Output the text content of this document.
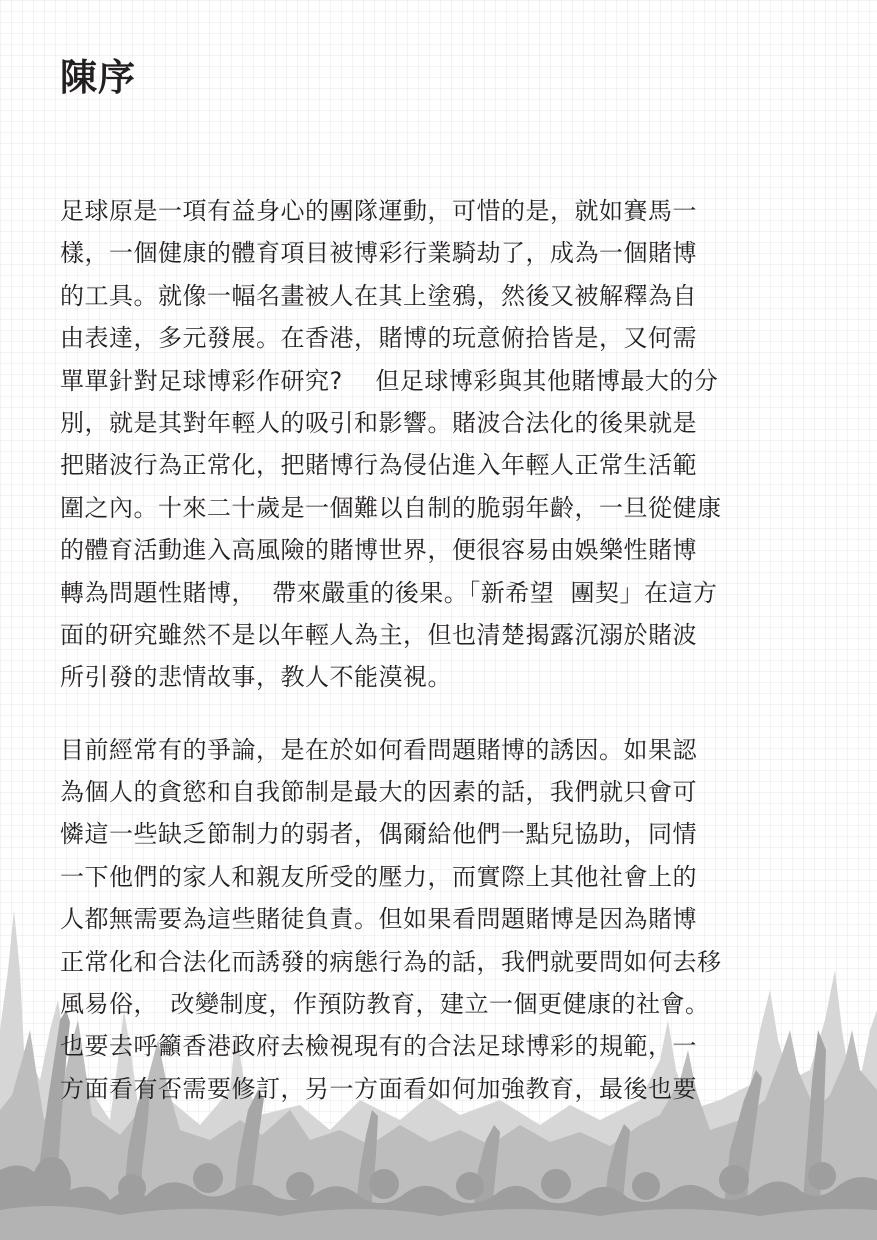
陳序

足球原是一項有益身心的團隊運動，可惜的是，就如賽馬一
樣，一個健康的體育項目被博彩行業騎劫了，成為一個賭博
的工具。就像一幅名畫被人在其上塗鴉，然後又被解釋為自
由表達，多元發展。在香港，賭博的玩意俯拾皆是，又何需
單單針對足球博彩作研究?　 但足球博彩與其他賭博最大的分
別，就是其對年輕人的吸引和影響。賭波合法化的後果就是
把賭波行為正常化，把賭博行為侵佔進入年輕人正常生活範
圍之內。十來二十歲是一個難以自制的脆弱年齡，一旦從健康
的體育活動進入高風險的賭博世界，便很容易由娛樂性賭博
轉為問題性賭博，  帶來嚴重的後果。「新希望  團契」在這方
面的研究雖然不是以年輕人為主，但也清楚揭露沉溺於賭波
所引發的悲情故事，教人不能漠視。

目前經常有的爭論，是在於如何看問題賭博的誘因。如果認
為個人的貪慾和自我節制是最大的因素的話，我們就只會可
憐這一些缺乏節制力的弱者，偶爾給他們一點兒協助，同情
一下他們的家人和親友所受的壓力，而實際上其他社會上的
人都無需要為這些賭徒負責。但如果看問題賭博是因為賭博
正常化和合法化而誘發的病態行為的話，我們就要問如何去移
風易俗，　改變制度，作預防教育，建立一個更健康的社會。
也要去呼籲香港政府去檢視現有的合法足球博彩的規範，一
方面看有否需要修訂，另一方面看如何加強教育，最後也要
